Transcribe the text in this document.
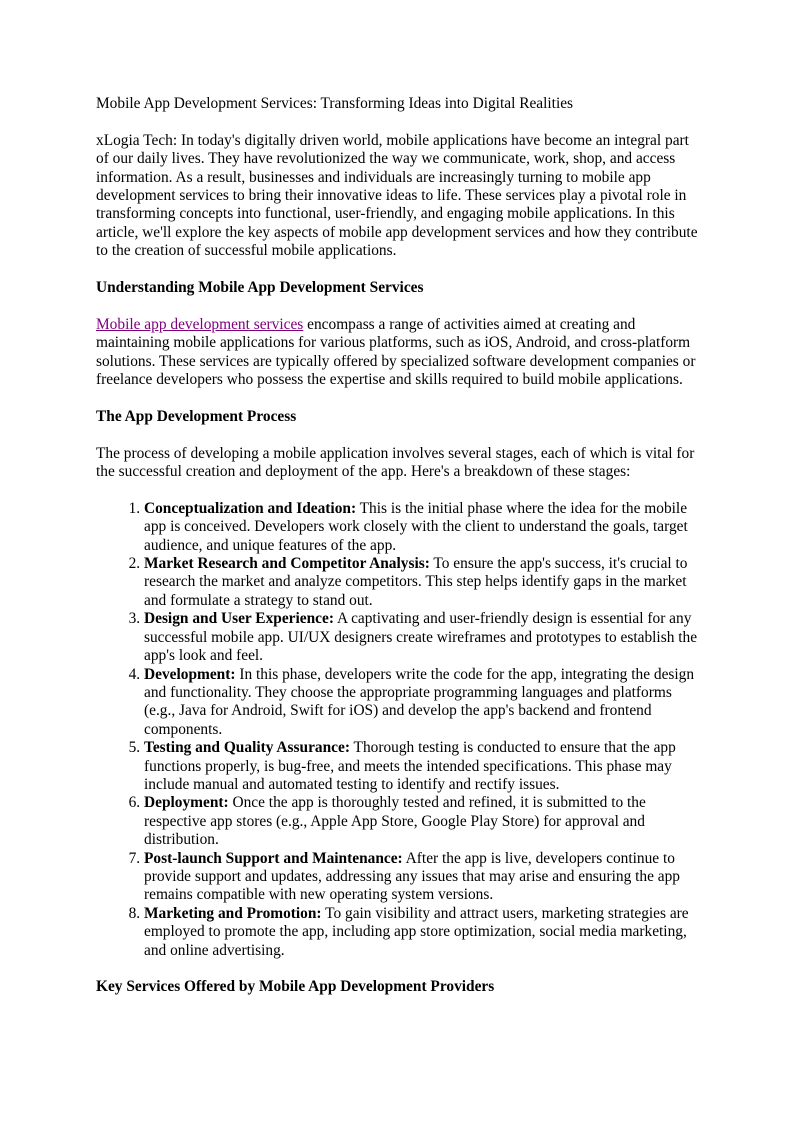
Mobile App Development Services: Transforming Ideas into Digital Realities

xLogia Tech: In today's digitally driven world, mobile applications have become an integral part of our daily lives. They have revolutionized the way we communicate, work, shop, and access information. As a result, businesses and individuals are increasingly turning to mobile app development services to bring their innovative ideas to life. These services play a pivotal role in transforming concepts into functional, user-friendly, and engaging mobile applications. In this article, we'll explore the key aspects of mobile app development services and how they contribute to the creation of successful mobile applications.

Understanding Mobile App Development Services

Mobile app development services encompass a range of activities aimed at creating and maintaining mobile applications for various platforms, such as iOS, Android, and cross-platform solutions. These services are typically offered by specialized software development companies or freelance developers who possess the expertise and skills required to build mobile applications.

The App Development Process

The process of developing a mobile application involves several stages, each of which is vital for the successful creation and deployment of the app. Here's a breakdown of these stages:

1. Conceptualization and Ideation: This is the initial phase where the idea for the mobile app is conceived. Developers work closely with the client to understand the goals, target audience, and unique features of the app.
2. Market Research and Competitor Analysis: To ensure the app's success, it's crucial to research the market and analyze competitors. This step helps identify gaps in the market and formulate a strategy to stand out.
3. Design and User Experience: A captivating and user-friendly design is essential for any successful mobile app. UI/UX designers create wireframes and prototypes to establish the app's look and feel.
4. Development: In this phase, developers write the code for the app, integrating the design and functionality. They choose the appropriate programming languages and platforms (e.g., Java for Android, Swift for iOS) and develop the app's backend and frontend components.
5. Testing and Quality Assurance: Thorough testing is conducted to ensure that the app functions properly, is bug-free, and meets the intended specifications. This phase may include manual and automated testing to identify and rectify issues.
6. Deployment: Once the app is thoroughly tested and refined, it is submitted to the respective app stores (e.g., Apple App Store, Google Play Store) for approval and distribution.
7. Post-launch Support and Maintenance: After the app is live, developers continue to provide support and updates, addressing any issues that may arise and ensuring the app remains compatible with new operating system versions.
8. Marketing and Promotion: To gain visibility and attract users, marketing strategies are employed to promote the app, including app store optimization, social media marketing, and online advertising.

Key Services Offered by Mobile App Development Providers
